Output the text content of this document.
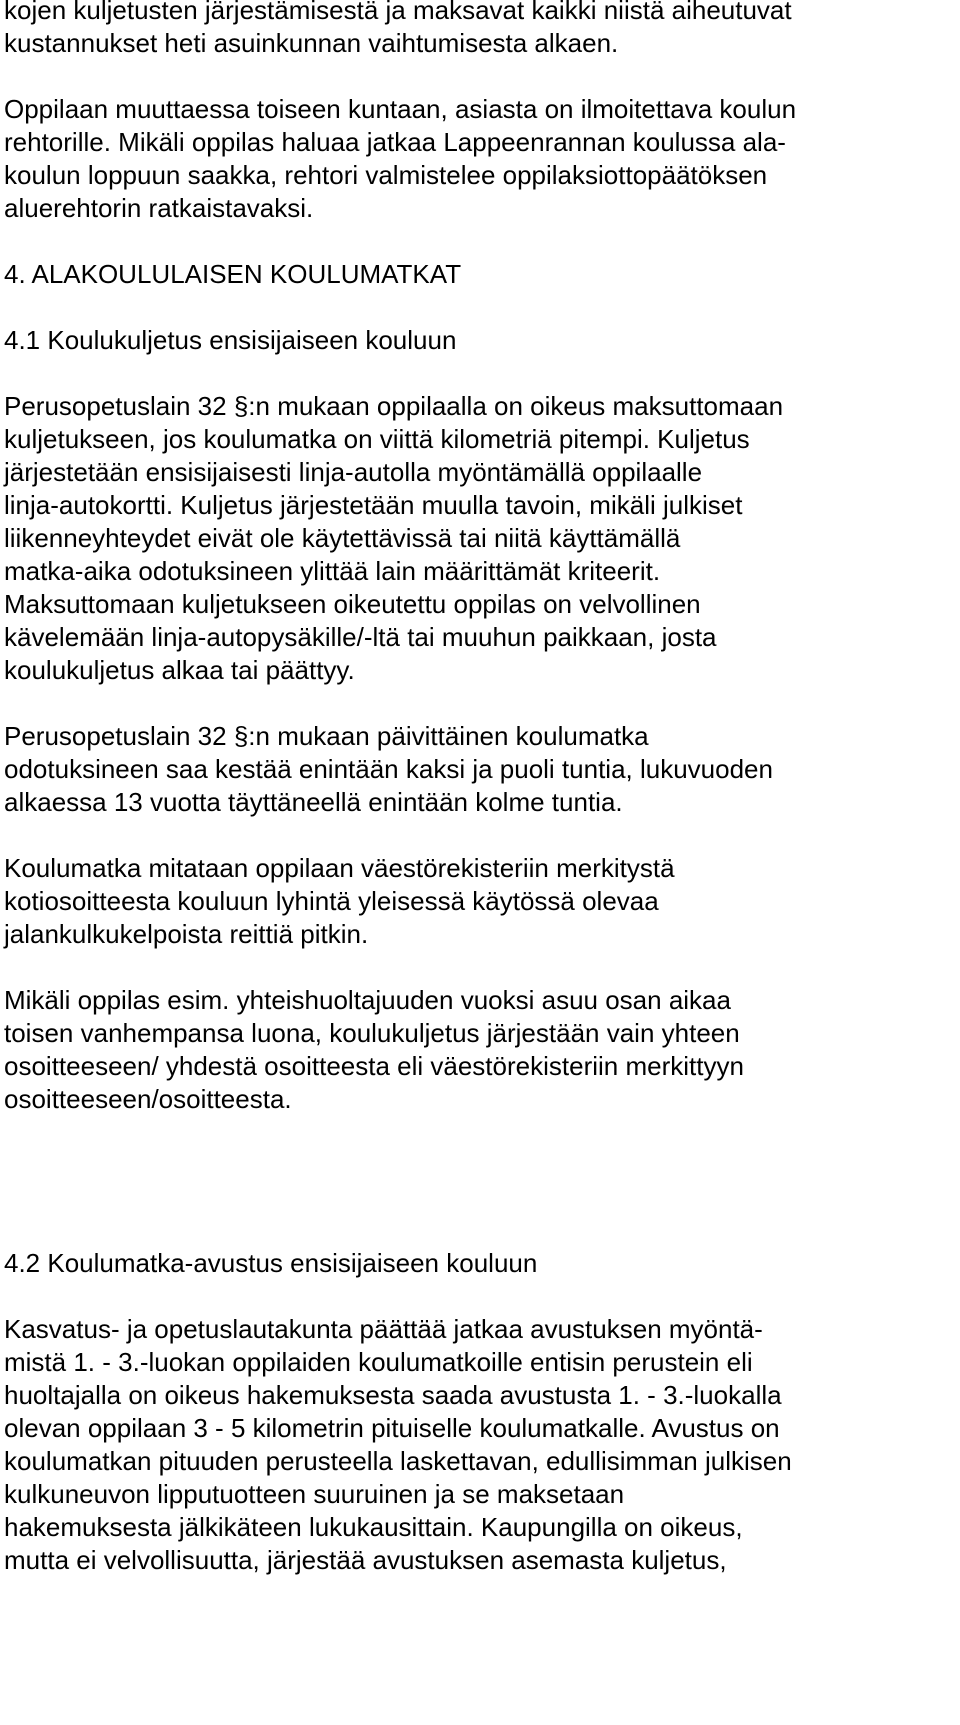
kojen kuljetusten järjestämisestä ja maksavat kaikki niistä aiheutuvat

kustannukset heti asuinkunnan vaihtumisesta alkaen.

Oppilaan muuttaessa toiseen kuntaan, asiasta on ilmoitettava koulun

rehtorille. Mikäli oppilas haluaa jatkaa Lappeenrannan koulussa ala-

koulun loppuun saakka, rehtori valmistelee oppilaksiottopäätöksen

aluerehtorin ratkaistavaksi.

4. ALAKOULULAISEN KOULUMATKAT

4.1 Koulukuljetus ensisijaiseen kouluun

Perusopetuslain 32 §:n mukaan oppilaalla on oikeus maksuttomaan

kuljetukseen, jos koulumatka on viittä kilometriä pitempi. Kuljetus

järjestetään ensisijaisesti linja-autolla myöntämällä oppilaalle

linja-autokortti. Kuljetus järjestetään muulla tavoin, mikäli julkiset

liikenneyhteydet eivät ole käytettävissä tai niitä käyttämällä

matka-aika odotuksineen ylittää lain määrittämät kriteerit.

Maksuttomaan kuljetukseen oikeutettu oppilas on velvollinen

kävelemään linja-autopysäkille/-ltä tai muuhun paikkaan, josta

koulukuljetus alkaa tai päättyy.

Perusopetuslain 32 §:n mukaan päivittäinen koulumatka

odotuksineen saa kestää enintään kaksi ja puoli tuntia, lukuvuoden

alkaessa 13 vuotta täyttäneellä enintään kolme tuntia.

Koulumatka mitataan oppilaan väestörekisteriin merkitystä

kotiosoitteesta kouluun lyhintä yleisessä käytössä olevaa

jalankulkukelpoista reittiä pitkin.

Mikäli oppilas esim. yhteishuoltajuuden vuoksi asuu osan aikaa

toisen vanhempansa luona, koulukuljetus järjestään vain yhteen

osoitteeseen/ yhdestä osoitteesta eli väestörekisteriin merkittyyn

osoitteeseen/osoitteesta.

4.2 Koulumatka-avustus ensisijaiseen kouluun

Kasvatus- ja opetuslautakunta päättää jatkaa avustuksen myöntä-

mistä 1. - 3.-luokan oppilaiden koulumatkoille entisin perustein eli

huoltajalla on oikeus hakemuksesta saada avustusta 1. - 3.-luokalla

olevan oppilaan 3 - 5 kilometrin pituiselle koulumatkalle. Avustus on

koulumatkan pituuden perusteella laskettavan, edullisimman julkisen

kulkuneuvon lipputuotteen suuruinen ja se maksetaan

hakemuksesta jälkikäteen lukukausittain. Kaupungilla on oikeus,

mutta ei velvollisuutta, järjestää avustuksen asemasta kuljetus,
